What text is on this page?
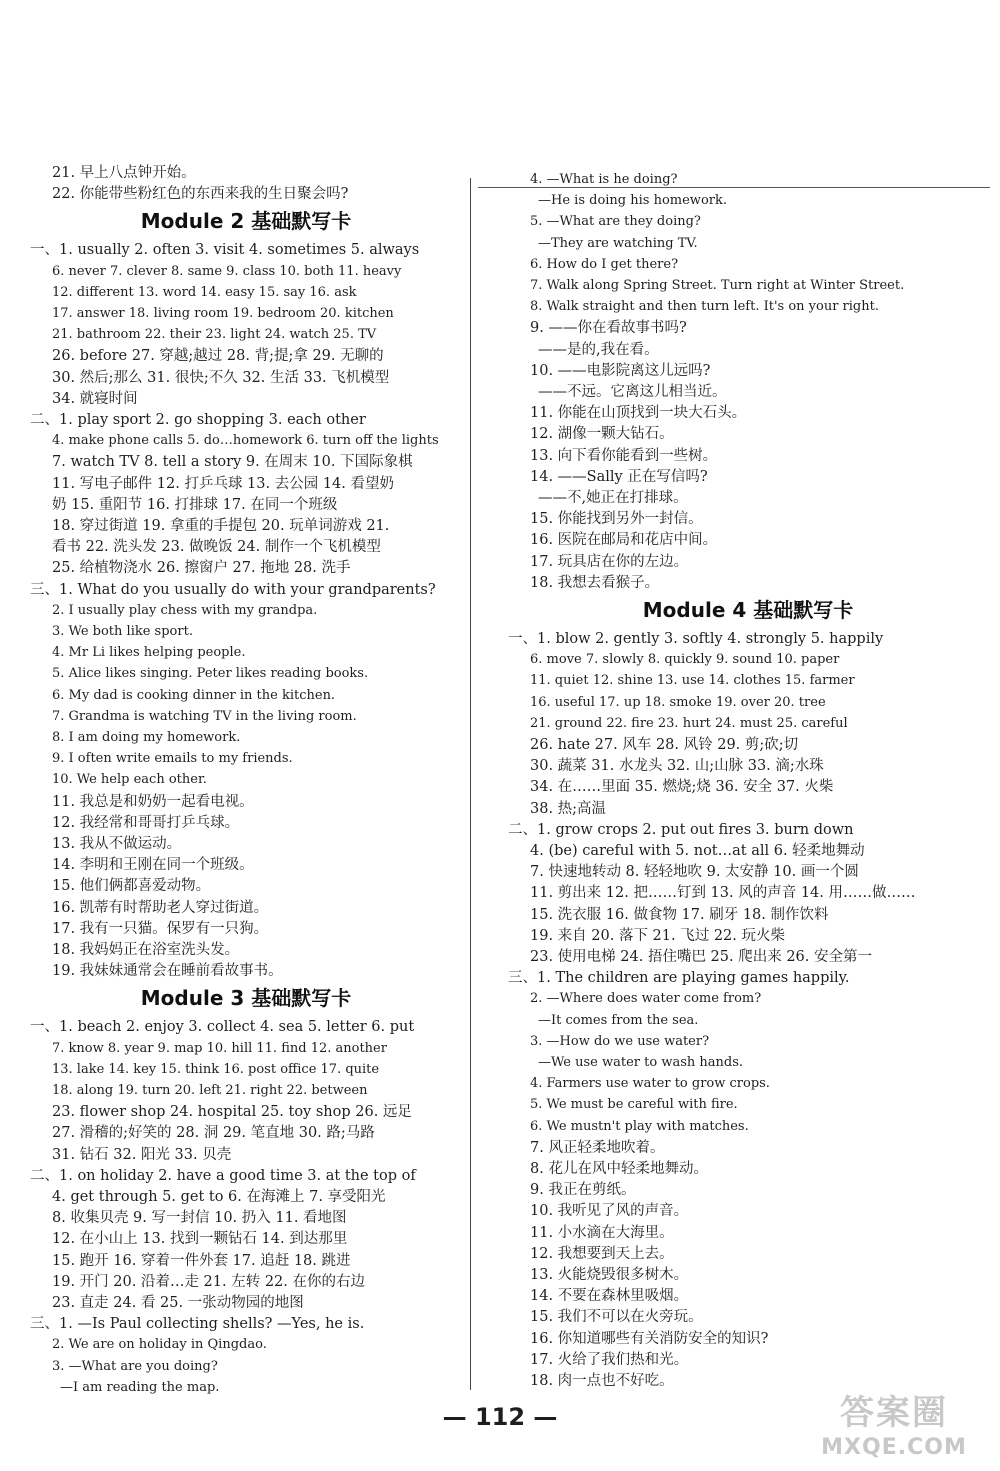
21. 早上八点钟开始。
22. 你能带些粉红色的东西来我的生日聚会吗?
Module 2 基础默写卡
一、1. usually 2. often 3. visit 4. sometimes 5. always
6. never 7. clever 8. same 9. class 10. both 11. heavy
12. different 13. word 14. easy 15. say 16. ask
17. answer 18. living room 19. bedroom 20. kitchen
21. bathroom 22. their 23. light 24. watch 25. TV
26. before 27. 穿越;越过 28. 背;提;拿 29. 无聊的
30. 然后;那么 31. 很快;不久 32. 生活 33. 飞机模型
34. 就寝时间
二、1. play sport 2. go shopping 3. each other
4. make phone calls 5. do…homework 6. turn off the lights
7. watch TV 8. tell a story 9. 在周末 10. 下国际象棋
11. 写电子邮件 12. 打乒乓球 13. 去公园 14. 看望奶
奶 15. 重阳节 16. 打排球 17. 在同一个班级
18. 穿过街道 19. 拿重的手提包 20. 玩单词游戏 21.
看书 22. 洗头发 23. 做晚饭 24. 制作一个飞机模型
25. 给植物浇水 26. 擦窗户 27. 拖地 28. 洗手
三、1. What do you usually do with your grandparents?
2. I usually play chess with my grandpa.
3. We both like sport.
4. Mr Li likes helping people.
5. Alice likes singing. Peter likes reading books.
6. My dad is cooking dinner in the kitchen.
7. Grandma is watching TV in the living room.
8. I am doing my homework.
9. I often write emails to my friends.
10. We help each other.
11. 我总是和奶奶一起看电视。
12. 我经常和哥哥打乒乓球。
13. 我从不做运动。
14. 李明和王刚在同一个班级。
15. 他们俩都喜爱动物。
16. 凯蒂有时帮助老人穿过街道。
17. 我有一只猫。保罗有一只狗。
18. 我妈妈正在浴室洗头发。
19. 我妹妹通常会在睡前看故事书。
Module 3 基础默写卡
一、1. beach 2. enjoy 3. collect 4. sea 5. letter 6. put
7. know 8. year 9. map 10. hill 11. find 12. another
13. lake 14. key 15. think 16. post office 17. quite
18. along 19. turn 20. left 21. right 22. between
23. flower shop 24. hospital 25. toy shop 26. 远足
27. 滑稽的;好笑的 28. 洞 29. 笔直地 30. 路;马路
31. 钻石 32. 阳光 33. 贝壳
二、1. on holiday 2. have a good time 3. at the top of
4. get through 5. get to 6. 在海滩上 7. 享受阳光
8. 收集贝壳 9. 写一封信 10. 扔入 11. 看地图
12. 在小山上 13. 找到一颗钻石 14. 到达那里
15. 跑开 16. 穿着一件外套 17. 追赶 18. 跳进
19. 开门 20. 沿着…走 21. 左转 22. 在你的右边
23. 直走 24. 看 25. 一张动物园的地图
三、1. —Is Paul collecting shells? —Yes, he is.
2. We are on holiday in Qingdao.
3. —What are you doing?
—I am reading the map.
4. —What is he doing?
—He is doing his homework.
5. —What are they doing?
—They are watching TV.
6. How do I get there?
7. Walk along Spring Street. Turn right at Winter Street.
8. Walk straight and then turn left. It's on your right.
9. ——你在看故事书吗?
——是的,我在看。
10. ——电影院离这儿远吗?
——不远。它离这儿相当近。
11. 你能在山顶找到一块大石头。
12. 湖像一颗大钻石。
13. 向下看你能看到一些树。
14. ——Sally 正在写信吗?
——不,她正在打排球。
15. 你能找到另外一封信。
16. 医院在邮局和花店中间。
17. 玩具店在你的左边。
18. 我想去看猴子。
Module 4 基础默写卡
一、1. blow 2. gently 3. softly 4. strongly 5. happily
6. move 7. slowly 8. quickly 9. sound 10. paper
11. quiet 12. shine 13. use 14. clothes 15. farmer
16. useful 17. up 18. smoke 19. over 20. tree
21. ground 22. fire 23. hurt 24. must 25. careful
26. hate 27. 风车 28. 风铃 29. 剪;砍;切
30. 蔬菜 31. 水龙头 32. 山;山脉 33. 滴;水珠
34. 在……里面 35. 燃烧;烧 36. 安全 37. 火柴
38. 热;高温
二、1. grow crops 2. put out fires 3. burn down
4. (be) careful with 5. not…at all 6. 轻柔地舞动
7. 快速地转动 8. 轻轻地吹 9. 太安静 10. 画一个圆
11. 剪出来 12. 把……钉到 13. 风的声音 14. 用……做……
15. 洗衣服 16. 做食物 17. 刷牙 18. 制作饮料
19. 来自 20. 落下 21. 飞过 22. 玩火柴
23. 使用电梯 24. 捂住嘴巴 25. 爬出来 26. 安全第一
三、1. The children are playing games happily.
2. —Where does water come from?
—It comes from the sea.
3. —How do we use water?
—We use water to wash hands.
4. Farmers use water to grow crops.
5. We must be careful with fire.
6. We mustn't play with matches.
7. 风正轻柔地吹着。
8. 花儿在风中轻柔地舞动。
9. 我正在剪纸。
10. 我听见了风的声音。
11. 小水滴在大海里。
12. 我想要到天上去。
13. 火能烧毁很多树木。
14. 不要在森林里吸烟。
15. 我们不可以在火旁玩。
16. 你知道哪些有关消防安全的知识?
17. 火给了我们热和光。
18. 肉一点也不好吃。
— 112 —	答案圈
MXQE.COM
